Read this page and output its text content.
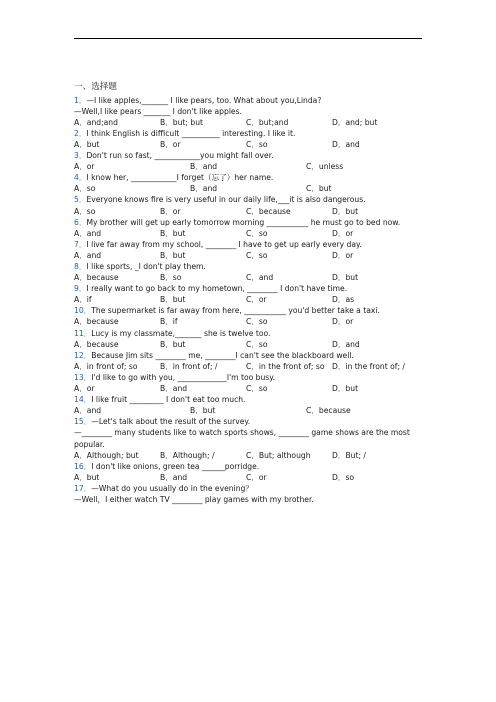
一、选择题
1．—I like apples,_______ I like pears, too. What about you,Linda?
—Well,I like pears _______ I don't like apples.
A．and;and	B．but; but	C．but;and	D．and; but
2．I think English is difficult __________ interesting. I like it.
A．but	B．or	C．so	D．and
3．Don't run so fast, ____________you might fall over.
A．or	B．and	C．unless
4．I know her, ____________I forget（忘了）her name.
A．so	B．and	C．but
5．Everyone knows fire is very useful in our daily life,___it is also dangerous.
A．so	B．or	C．because	D．but
6．My brother will get up early tomorrow morning ___________ he must go to bed now.
A．and	B．but	C．so	D．or
7．I live far away from my school, ________ I have to get up early every day.
A．and	B．but	C．so	D．or
8．I like sports, _I don't play them.
A．because	B．so	C．and	D．but
9．I really want to go back to my hometown, ________ I don't have time.
A．if	B．but	C．or	D．as
10．The supermarket is far away from here, ___________ you'd better take a taxi.
A．because	B．if	C．so	D．or
11．Lucy is my classmate,_______ she is twelve too.
A．because	B．but	C．so	D．and
12．Because Jim sits ________ me, ________I can't see the blackboard well.
A．in front of; so	B．in front of; /	C．in the front of; so D．in the front of; /
13．I'd like to go with you, _____________I'm too busy.
A．or	B．and	C．so	D．but
14．I like fruit _________ I don't eat too much.
A．and	B．but	C．because
15．—Let's talk about the result of the survey.
—________ many students like to watch sports shows, ________ game shows are the most popular.
A．Although; but	B．Although; /	C．But; although	D．But; /
16．I don't like onions, green tea ______porridge.
A．but	B．and	C．or	D．so
17．—What do you usually do in the evening？
—Well，I either watch TV ________ play games with my brother.
